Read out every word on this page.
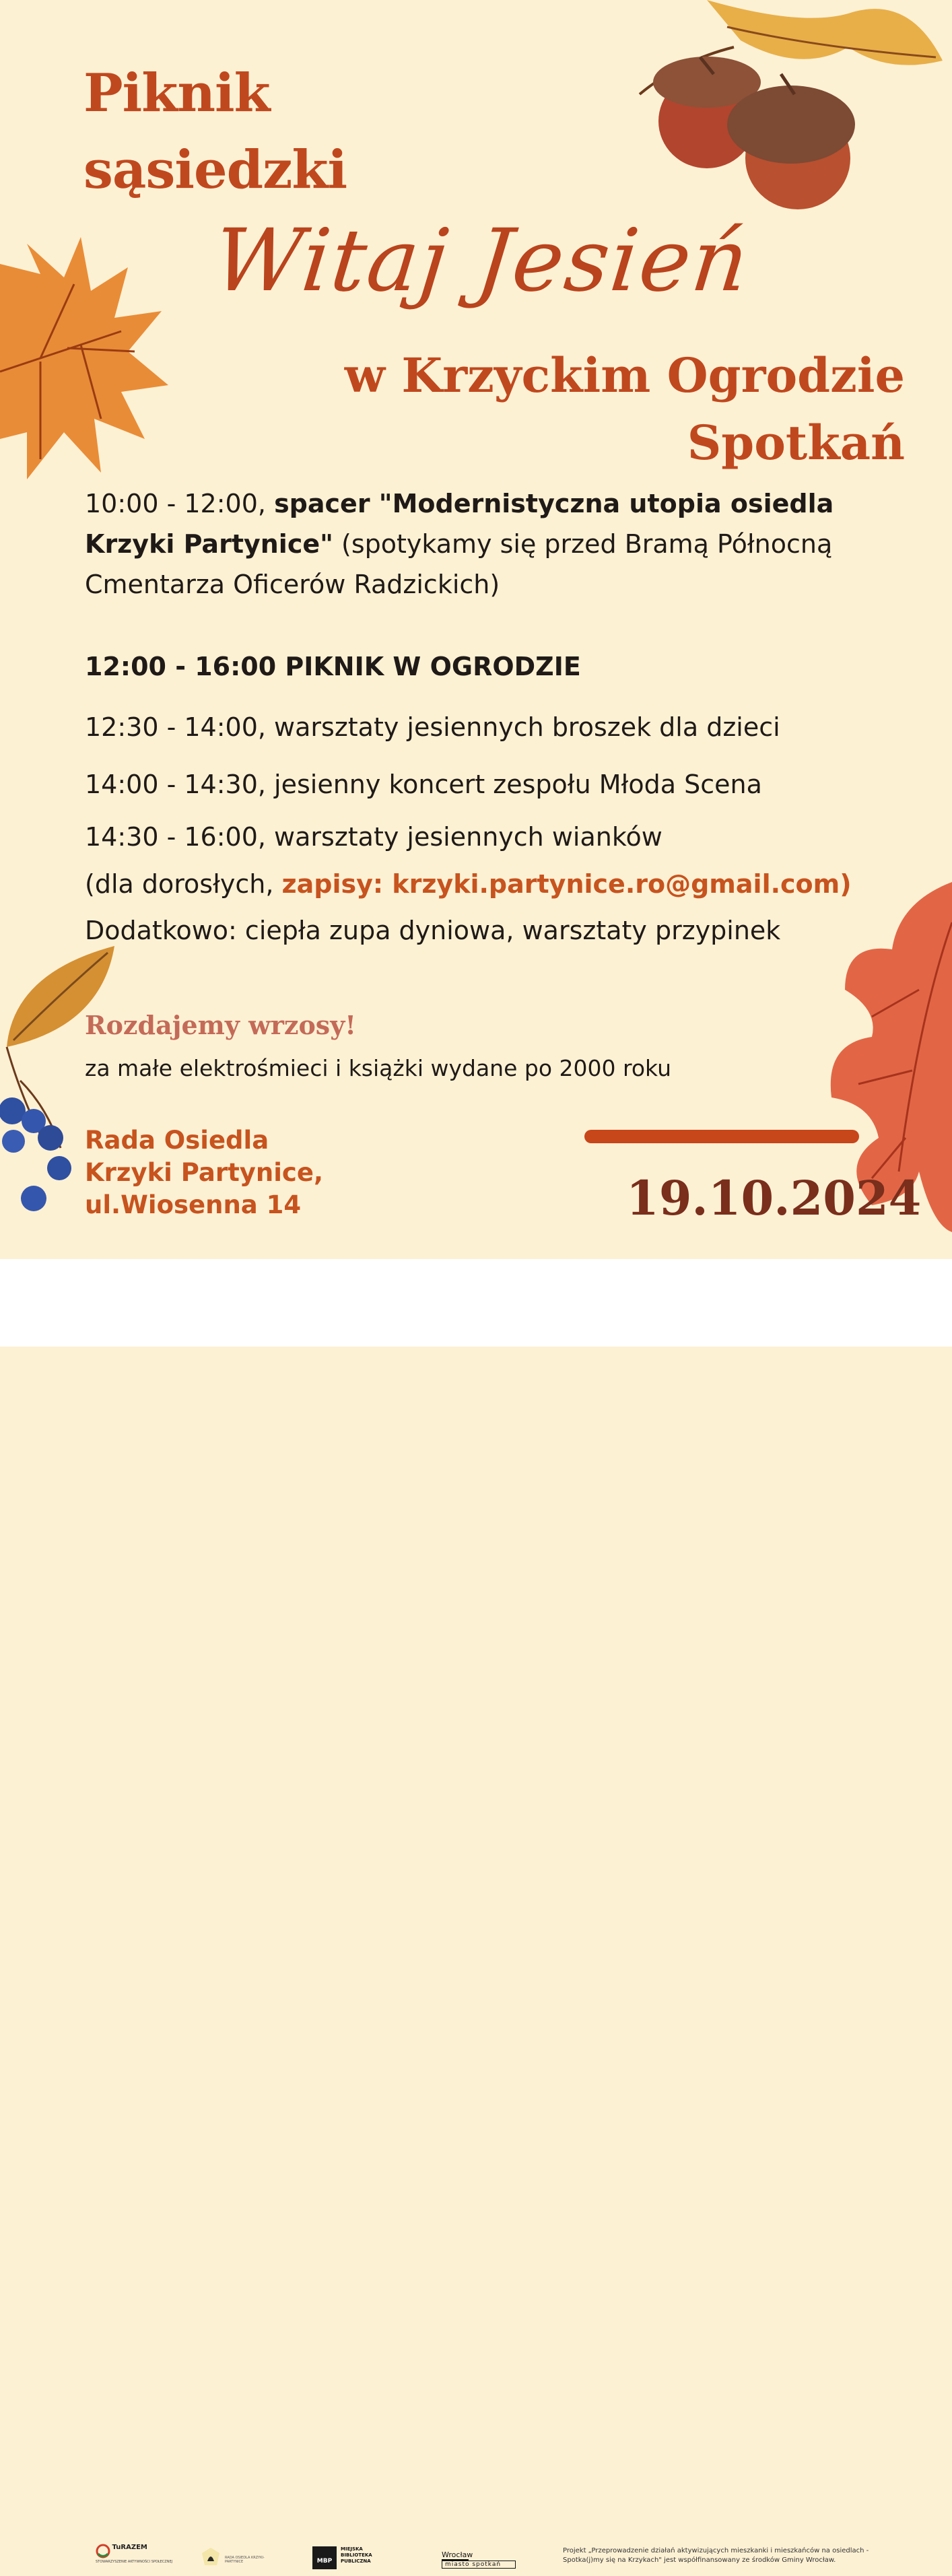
Piknik
sąsiedzki
Witaj Jesień
w Krzyckim Ogrodzie
Spotkań

10:00 - 12:00, spacer "Modernistyczna utopia osiedla Krzyki Partynice" (spotykamy się przed Bramą Północną Cmentarza Oficerów Radzickich)

12:00 - 16:00 PIKNIK W OGRODZIE

12:30 - 14:00, warsztaty jesiennych broszek dla dzieci

14:00 - 14:30, jesienny koncert zespołu Młoda Scena

14:30 - 16:00, warsztaty jesiennych wianków

(dla dorosłych, zapisy: krzyki.partynice.ro@gmail.com)

Dodatkowo: ciepła zupa dyniowa, warsztaty przypinek

Rozdajemy wrzosy!
za małe elektrośmieci i książki wydane po 2000 roku
Rada Osiedla
Krzyki Partynice,
ul.Wiosenna 14	19.10.2024
TuRAZEM
STOWARZYSZENIE AKTYWNOŚCI SPOŁECZNEJ
RADA OSIEDLA KRZYKI-PARTYNICE	MBP
MIEJSKA BIBLIOTEKA PUBLICZNA
Wrocław
miasto spotkań
Projekt „Przeprowadzenie działań aktywizujących mieszkanki i mieszkańców na osiedlach - Spotka(j)my się na Krzykach" jest współfinansowany ze środków Gminy Wrocław.
